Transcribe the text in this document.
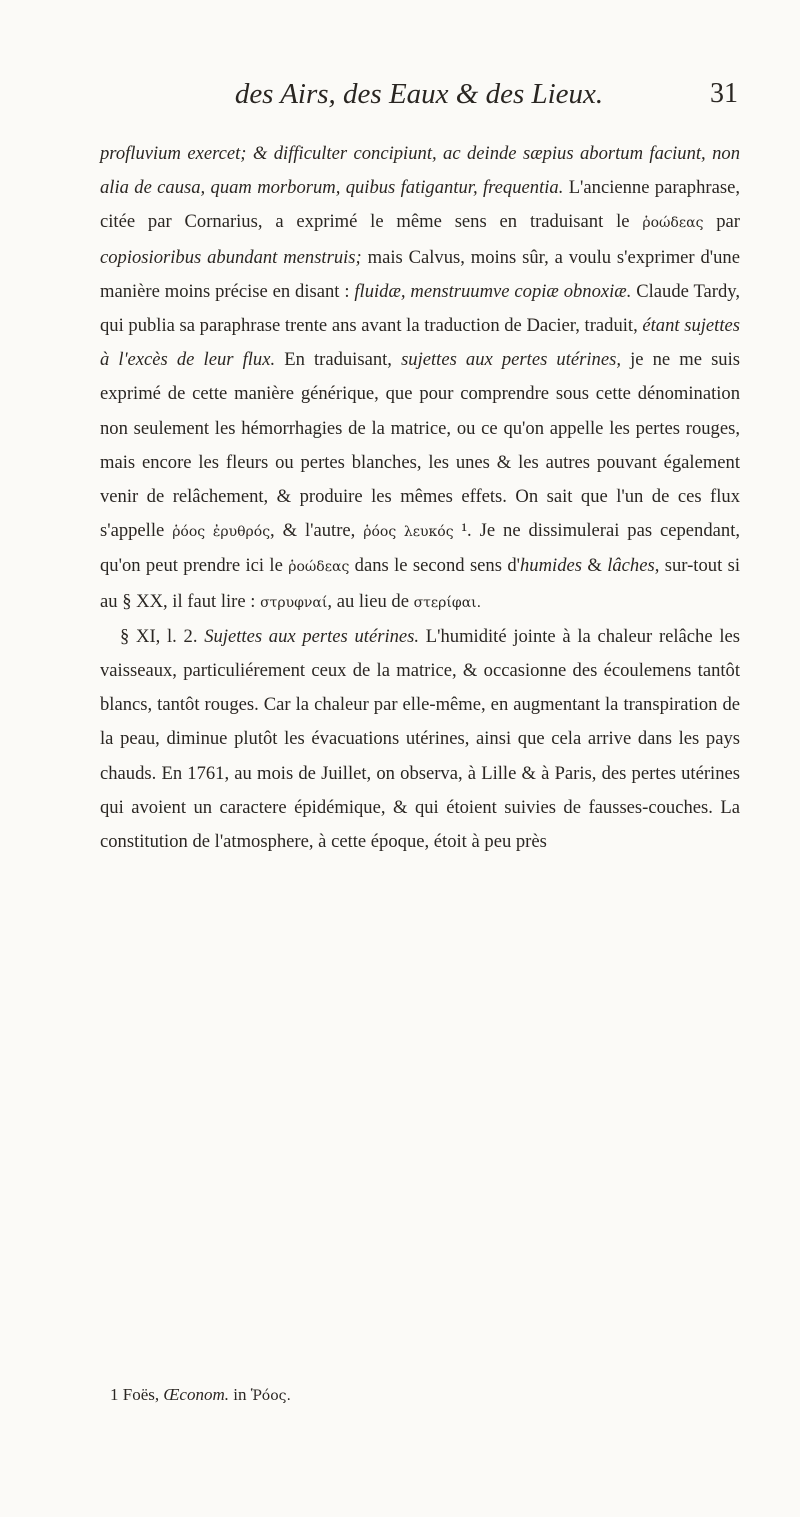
des Airs, des Eaux & des Lieux.	31

profluvium exercet; & difficulter concipiunt, ac deinde sæpius abortum faciunt, non alia de causa, quam morborum, quibus fatigantur, frequentia. L'ancienne paraphrase, citée par Cornarius, a exprimé le même sens en traduisant le ῥοώδεας par copiosioribus abundant menstruis; mais Calvus, moins sûr, a voulu s'exprimer d'une manière moins précise en disant : fluidæ, menstruumve copiæ obnoxiæ. Claude Tardy, qui publia sa paraphrase trente ans avant la traduction de Dacier, traduit, étant sujettes à l'excès de leur flux. En traduisant, sujettes aux pertes utérines, je ne me suis exprimé de cette manière générique, que pour comprendre sous cette dénomination non seulement les hémorrhagies de la matrice, ou ce qu'on appelle les pertes rouges, mais encore les fleurs ou pertes blanches, les unes & les autres pouvant également venir de relâchement, & produire les mêmes effets. On sait que l'un de ces flux s'appelle ῥόος ἐρυθρός, & l'autre, ῥόος λευκός ¹. Je ne dissimulerai pas cependant, qu'on peut prendre ici le ῥοώδεας dans le second sens d'humides & lâches, sur-tout si au § XX, il faut lire : στρυφναί, au lieu de στερίφαι.

§ XI, l. 2. Sujettes aux pertes utérines. L'humidité jointe à la chaleur relâche les vaisseaux, particuliérement ceux de la matrice, & occasionne des écoulemens tantôt blancs, tantôt rouges. Car la chaleur par elle-même, en augmentant la transpiration de la peau, diminue plutôt les évacuations utérines, ainsi que cela arrive dans les pays chauds. En 1761, au mois de Juillet, on observa, à Lille & à Paris, des pertes utérines qui avoient un caractere épidémique, & qui étoient suivies de fausses-couches. La constitution de l'atmosphere, à cette époque, étoit à peu près

1 Foës, Œconom. in Ῥόος.
